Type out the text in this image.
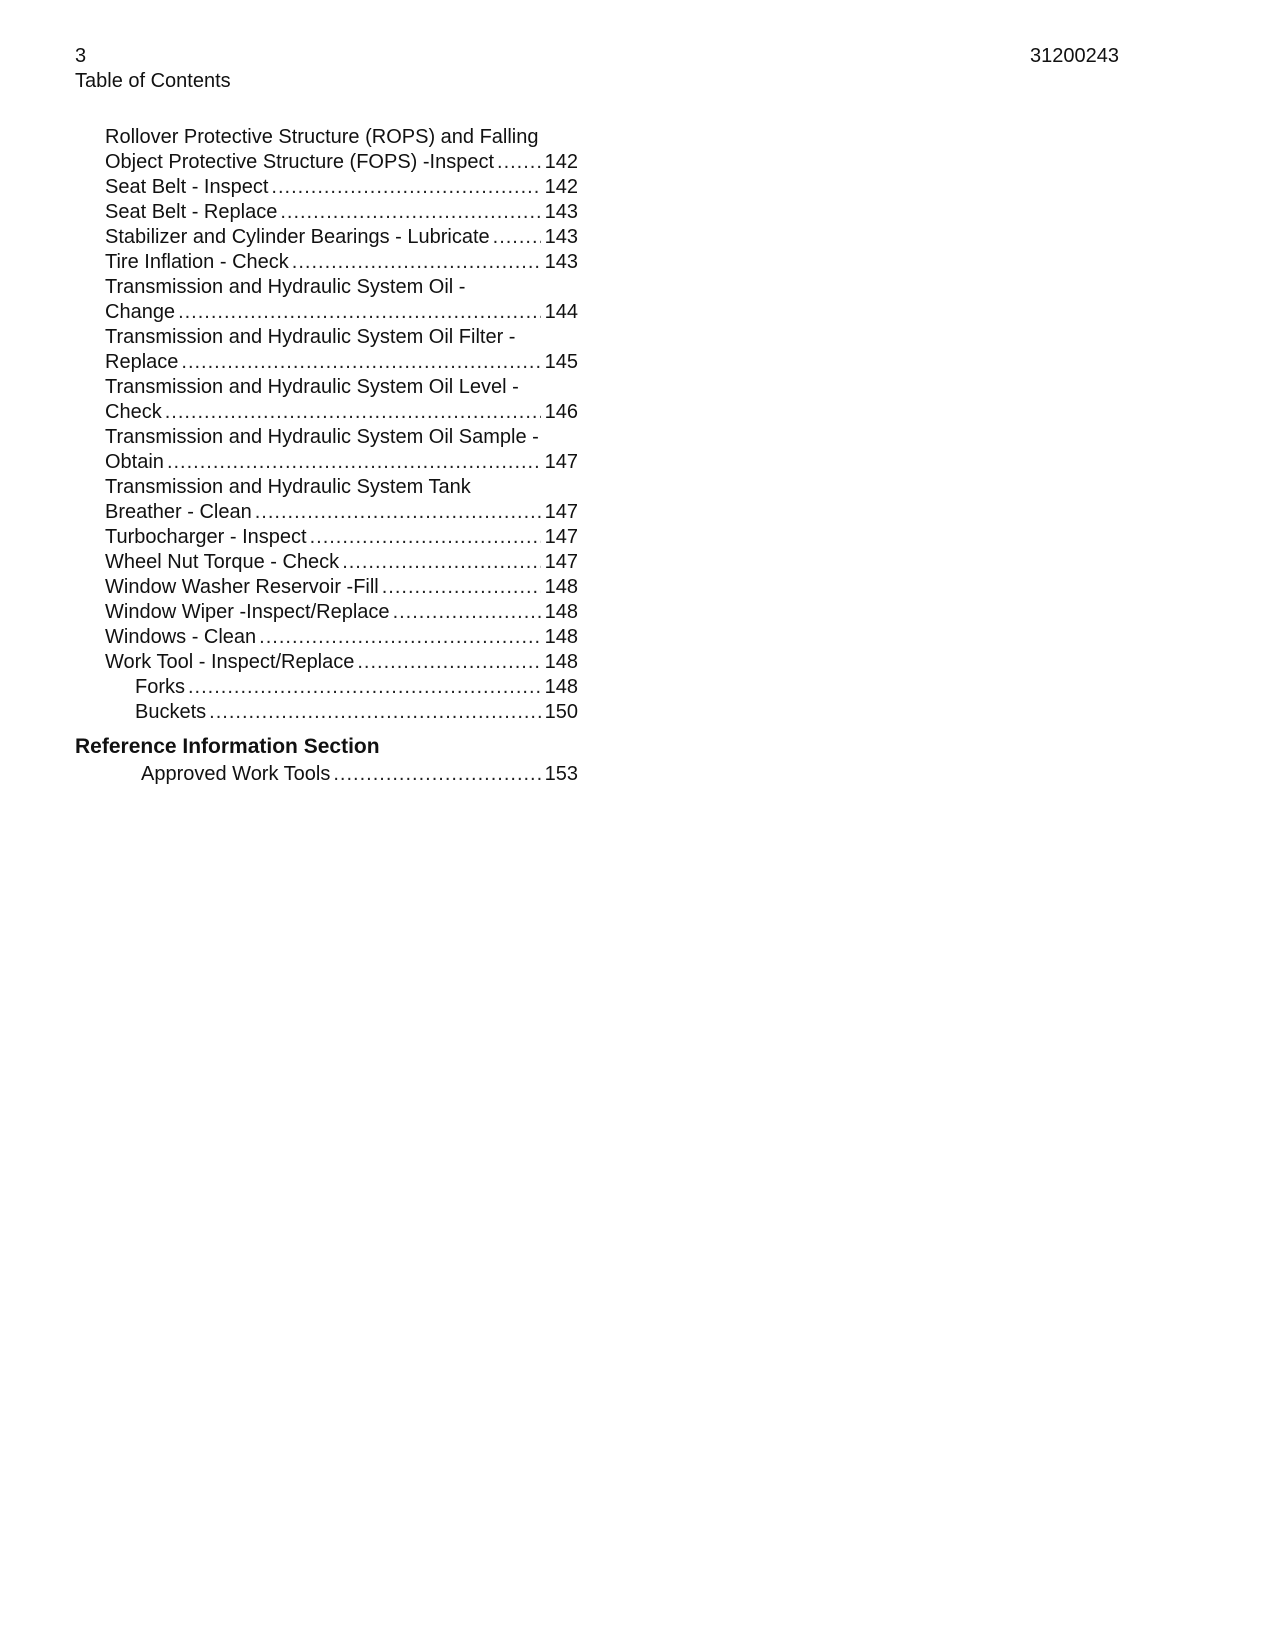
3	31200243
Table of Contents
Rollover Protective Structure (ROPS) and Falling
Object Protective Structure (FOPS) -Inspect .....	142
Seat Belt - Inspect .....	142
Seat Belt - Replace .....	143
Stabilizer and Cylinder Bearings - Lubricate .....	143
Tire Inflation - Check .....	143
Transmission and Hydraulic System Oil -
Change .....	144
Transmission and Hydraulic System Oil Filter -
Replace .....	145
Transmission and Hydraulic System Oil Level -
Check .....	146
Transmission and Hydraulic System Oil Sample -
Obtain .....	147
Transmission and Hydraulic System Tank
Breather - Clean .....	147
Turbocharger - Inspect .....	147
Wheel Nut Torque - Check .....	147
Window Washer Reservoir -Fill .....	148
Window Wiper -Inspect/Replace .....	148
Windows - Clean .....	148
Work Tool - Inspect/Replace .....	148
Forks .....	148
Buckets .....	150
Reference Information Section
Approved Work Tools .....	153
